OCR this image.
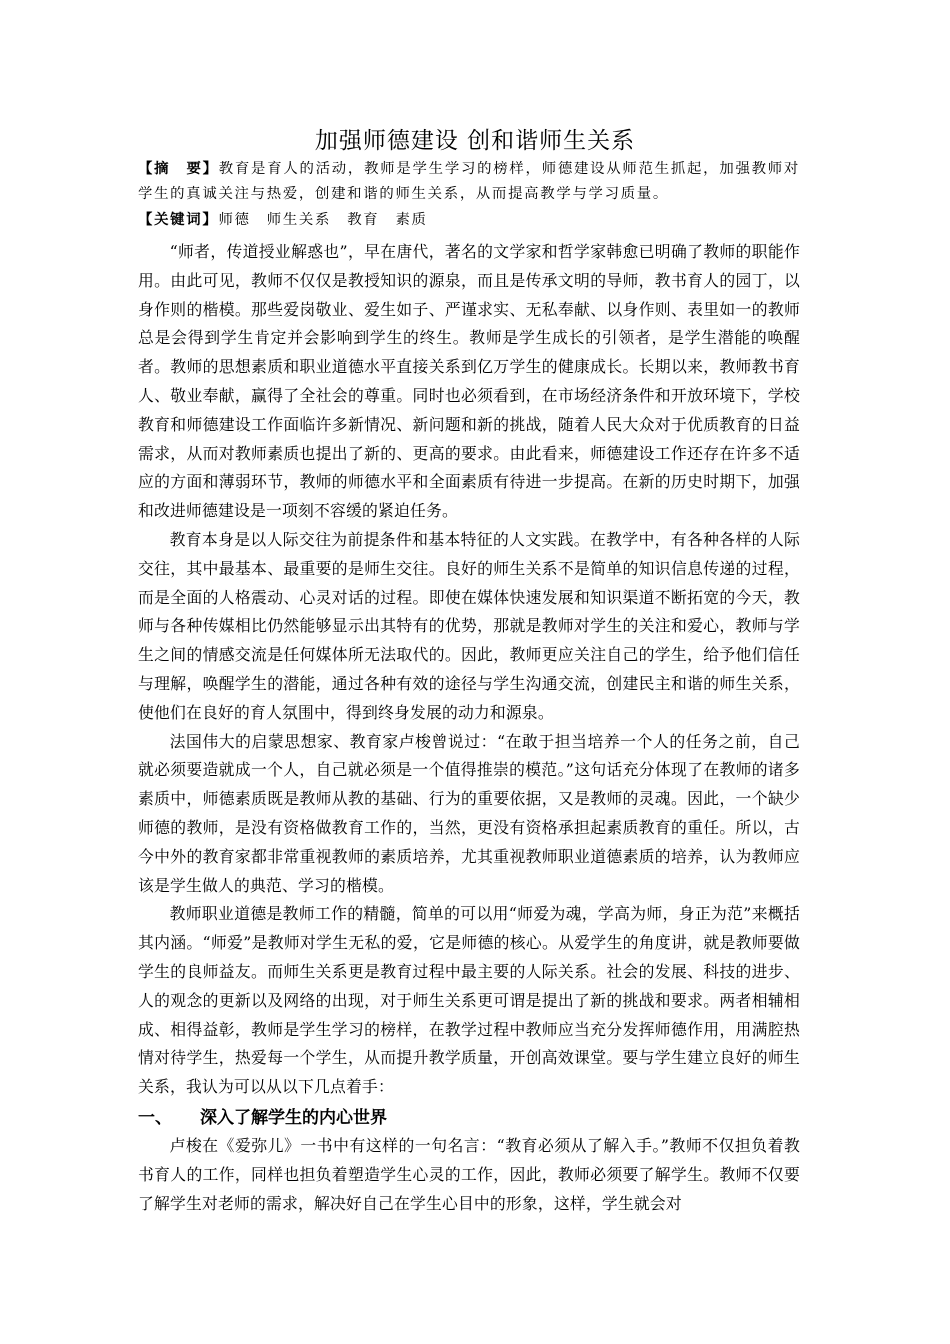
加强师德建设 创和谐师生关系

【摘　要】教育是育人的活动，教师是学生学习的榜样，师德建设从师范生抓起，加强教师对学生的真诚关注与热爱，创建和谐的师生关系，从而提高教学与学习质量。

【关键词】师德　师生关系　教育　素质

“师者，传道授业解惑也”，早在唐代，著名的文学家和哲学家韩愈已明确了教师的职能作用。由此可见，教师不仅仅是教授知识的源泉，而且是传承文明的导师，教书育人的园丁，以身作则的楷模。那些爱岗敬业、爱生如子、严谨求实、无私奉献、以身作则、表里如一的教师总是会得到学生肯定并会影响到学生的终生。教师是学生成长的引领者，是学生潜能的唤醒者。教师的思想素质和职业道德水平直接关系到亿万学生的健康成长。长期以来，教师教书育人、敬业奉献，赢得了全社会的尊重。同时也必须看到，在市场经济条件和开放环境下，学校教育和师德建设工作面临许多新情况、新问题和新的挑战，随着人民大众对于优质教育的日益需求，从而对教师素质也提出了新的、更高的要求。由此看来，师德建设工作还存在许多不适应的方面和薄弱环节，教师的师德水平和全面素质有待进一步提高。在新的历史时期下，加强和改进师德建设是一项刻不容缓的紧迫任务。

教育本身是以人际交往为前提条件和基本特征的人文实践。在教学中，有各种各样的人际交往，其中最基本、最重要的是师生交往。良好的师生关系不是简单的知识信息传递的过程，而是全面的人格震动、心灵对话的过程。即使在媒体快速发展和知识渠道不断拓宽的今天，教师与各种传媒相比仍然能够显示出其特有的优势，那就是教师对学生的关注和爱心，教师与学生之间的情感交流是任何媒体所无法取代的。因此，教师更应关注自己的学生，给予他们信任与理解，唤醒学生的潜能，通过各种有效的途径与学生沟通交流，创建民主和谐的师生关系，使他们在良好的育人氛围中，得到终身发展的动力和源泉。

法国伟大的启蒙思想家、教育家卢梭曾说过：“在敢于担当培养一个人的任务之前，自己就必须要造就成一个人，自己就必须是一个值得推崇的模范。”这句话充分体现了在教师的诸多素质中，师德素质既是教师从教的基础、行为的重要依据，又是教师的灵魂。因此，一个缺少师德的教师，是没有资格做教育工作的，当然，更没有资格承担起素质教育的重任。所以，古今中外的教育家都非常重视教师的素质培养，尤其重视教师职业道德素质的培养，认为教师应该是学生做人的典范、学习的楷模。

教师职业道德是教师工作的精髓，简单的可以用“师爱为魂，学高为师，身正为范”来概括其内涵。“师爱”是教师对学生无私的爱，它是师德的核心。从爱学生的角度讲，就是教师要做学生的良师益友。而师生关系更是教育过程中最主要的人际关系。社会的发展、科技的进步、人的观念的更新以及网络的出现，对于师生关系更可谓是提出了新的挑战和要求。两者相辅相成、相得益彰，教师是学生学习的榜样，在教学过程中教师应当充分发挥师德作用，用满腔热情对待学生，热爱每一个学生，从而提升教学质量，开创高效课堂。要与学生建立良好的师生关系，我认为可以从以下几点着手：

一、 深入了解学生的内心世界

卢梭在《爱弥儿》一书中有这样的一句名言：“教育必须从了解入手。”教师不仅担负着教书育人的工作，同样也担负着塑造学生心灵的工作，因此，教师必须要了解学生。教师不仅要了解学生对老师的需求，解决好自己在学生心目中的形象，这样，学生就会对
